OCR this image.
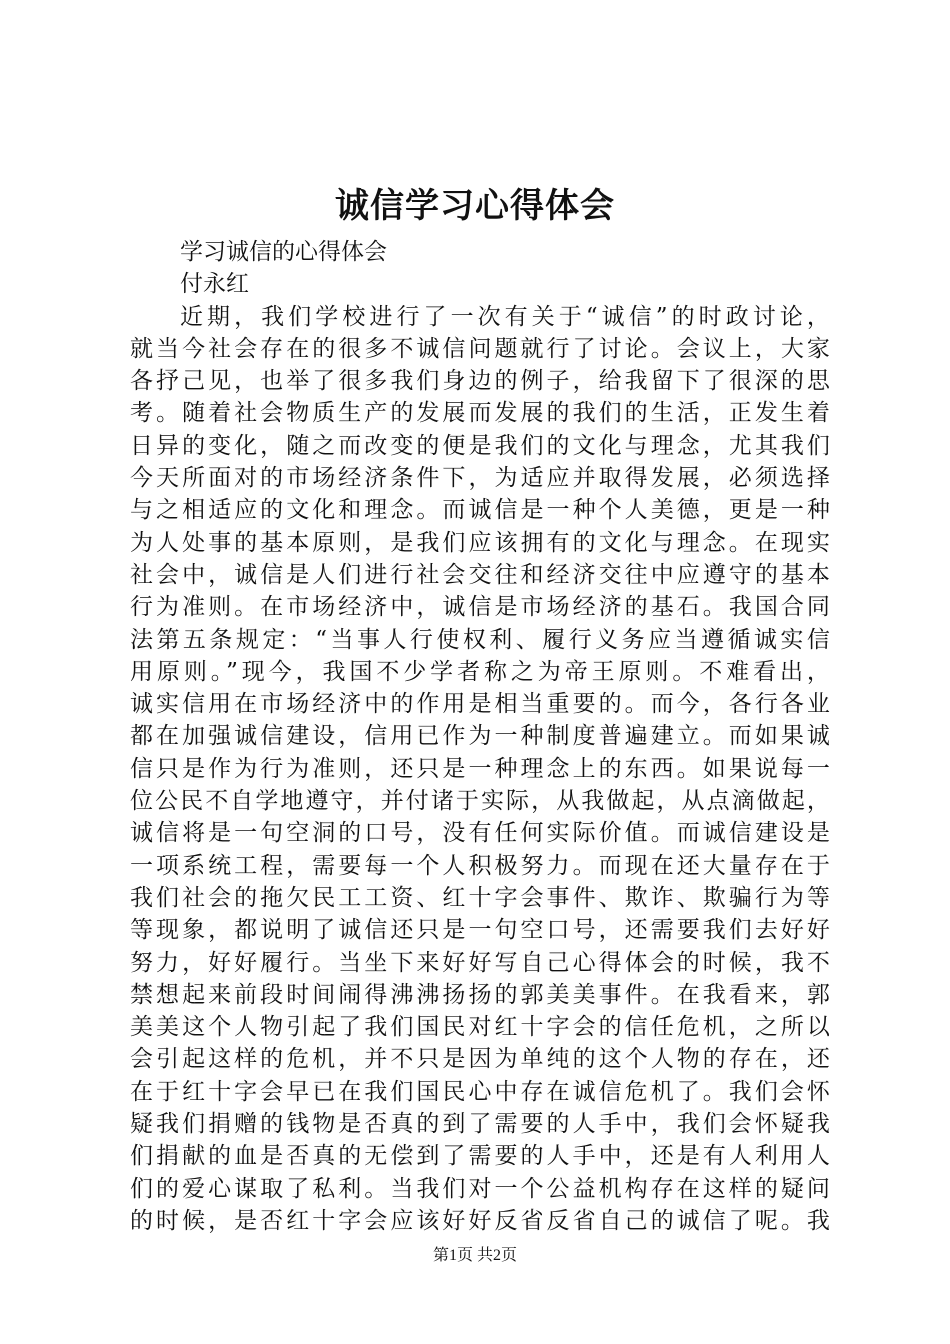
诚信学习心得体会
学习诚信的心得体会
付永红
近期，我们学校进行了一次有关于“诚信”的时政讨论，
就当今社会存在的很多不诚信问题就行了讨论。会议上，大家
各抒己见，也举了很多我们身边的例子，给我留下了很深的思
考。随着社会物质生产的发展而发展的我们的生活，正发生着
日异的变化，随之而改变的便是我们的文化与理念，尤其我们
今天所面对的市场经济条件下，为适应并取得发展，必须选择
与之相适应的文化和理念。而诚信是一种个人美德，更是一种
为人处事的基本原则，是我们应该拥有的文化与理念。在现实
社会中，诚信是人们进行社会交往和经济交往中应遵守的基本
行为准则。在市场经济中，诚信是市场经济的基石。我国合同
法第五条规定：“当事人行使权利、履行义务应当遵循诚实信
用原则。”现今，我国不少学者称之为帝王原则。不难看出，
诚实信用在市场经济中的作用是相当重要的。而今，各行各业
都在加强诚信建设，信用已作为一种制度普遍建立。而如果诚
信只是作为行为准则，还只是一种理念上的东西。如果说每一
位公民不自学地遵守，并付诸于实际，从我做起，从点滴做起，
诚信将是一句空洞的口号，没有任何实际价值。而诚信建设是
一项系统工程，需要每一个人积极努力。而现在还大量存在于
我们社会的拖欠民工工资、红十字会事件、欺诈、欺骗行为等
等现象，都说明了诚信还只是一句空口号，还需要我们去好好
努力，好好履行。当坐下来好好写自己心得体会的时候，我不
禁想起来前段时间闹得沸沸扬扬的郭美美事件。在我看来，郭
美美这个人物引起了我们国民对红十字会的信任危机，之所以
会引起这样的危机，并不只是因为单纯的这个人物的存在，还
在于红十字会早已在我们国民心中存在诚信危机了。我们会怀
疑我们捐赠的钱物是否真的到了需要的人手中，我们会怀疑我
们捐献的血是否真的无偿到了需要的人手中，还是有人利用人
们的爱心谋取了私利。当我们对一个公益机构存在这样的疑问
的时候，是否红十字会应该好好反省反省自己的诚信了呢。我
第1页 共2页
